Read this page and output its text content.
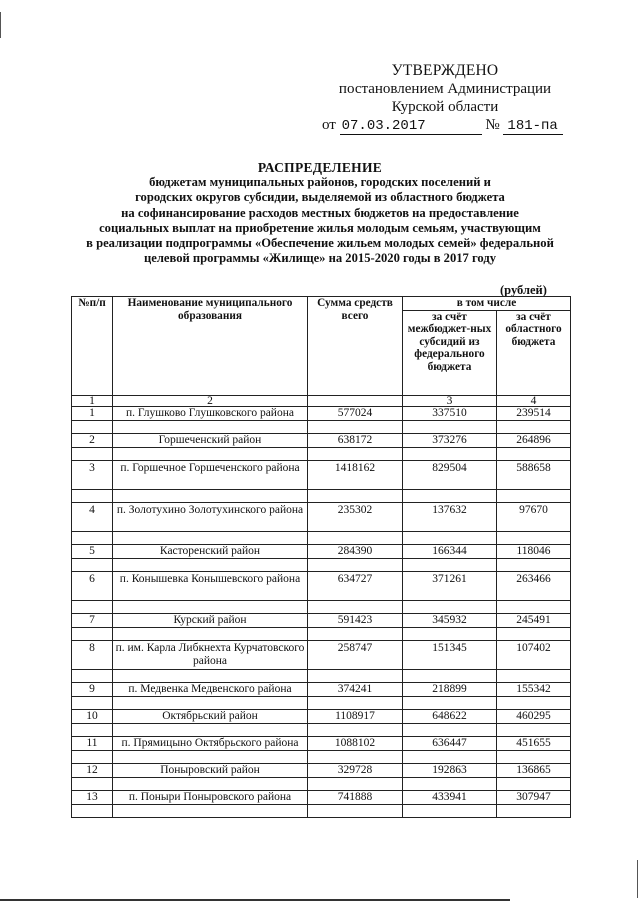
УТВЕРЖДЕНО
постановлением Администрации
Курской области
от 07.03.2017	№ 181-па
РАСПРЕДЕЛЕНИЕ
бюджетам муниципальных районов, городских поселений и
городских округов субсидии, выделяемой из областного бюджета
на софинансирование расходов местных бюджетов на предоставление
социальных выплат на приобретение жилья молодым семьям, участвующим
в реализации подпрограммы «Обеспечение жильем молодых семей» федеральной
целевой программы «Жилище» на 2015-2020 годы в 2017 году
(рублей)
№п/п	Наименование муниципального образования	Сумма средств всего	в том числе	
			за счёт межбюджет-ных субсидий из федерального бюджета	за счёт областного бюджета
1	2		3	4
1	п. Глушково Глушковского района	577024	337510	239514

2	Горшеченский район	638172	373276	264896

3	п. Горшечное Горшеченского района	1418162	829504	588658

4	п. Золотухино Золотухинского района	235302	137632	97670

5	Касторенский район	284390	166344	118046

6	п. Конышевка Конышевского района	634727	371261	263466

7	Курский район	591423	345932	245491

8	п. им. Карла Либкнехта Курчатовского района	258747	151345	107402

9	п. Медвенка Медвенского района	374241	218899	155342

10	Октябрьский район	1108917	648622	460295

11	п. Прямицыно Октябрьского района	1088102	636447	451655

12	Поныровский район	329728	192863	136865

13	п. Поныри Поныровского района	741888	433941	307947
